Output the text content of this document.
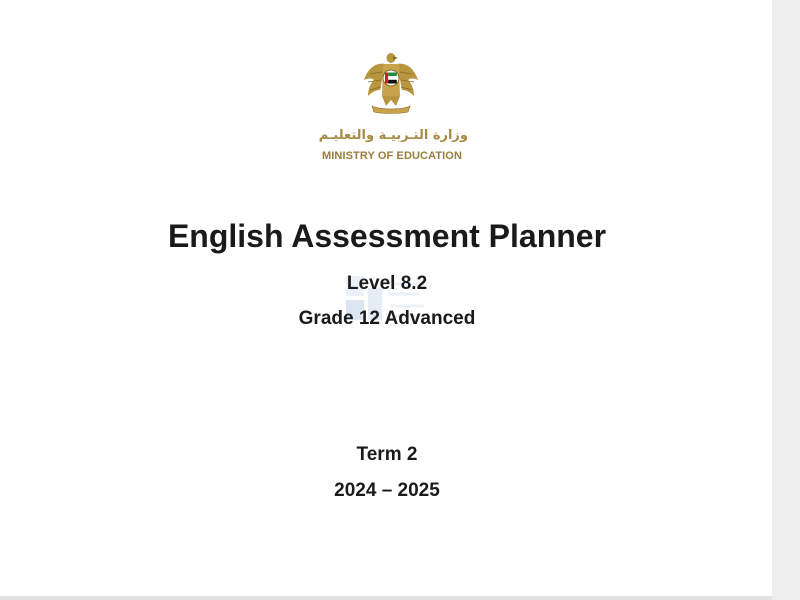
وزارة التـربيـة والتعليـم
MINISTRY OF EDUCATION
English Assessment Planner
Level 8.2
Grade 12 Advanced
Term 2
2024 – 2025
